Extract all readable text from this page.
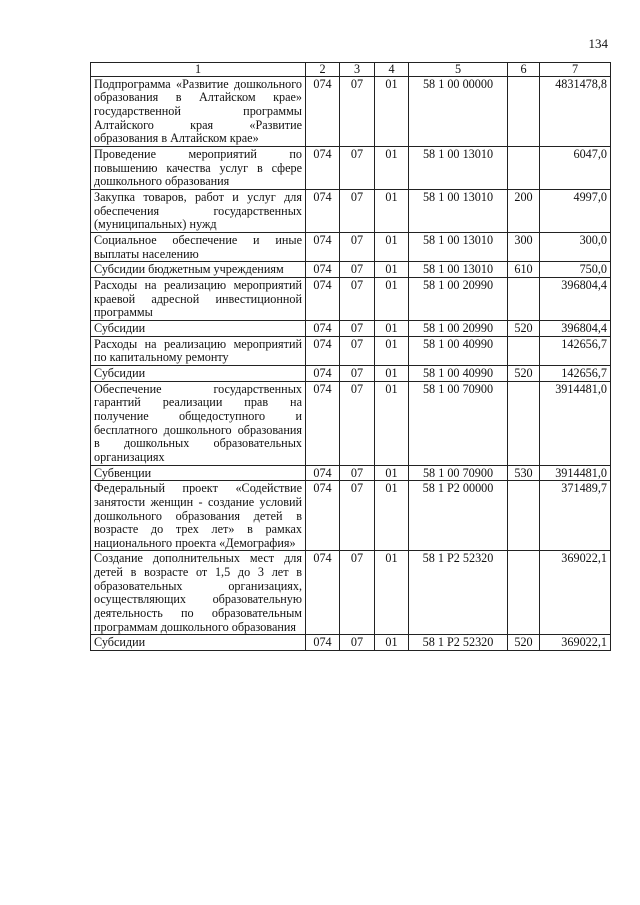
134
1	2	3	4	5	6	7
Подпрограмма «Развитие дошкольного образования в Алтайском крае» государственной программы Алтайского края «Развитие образования в Алтайском крае»	074	07	01	58 1 00 00000		4831478,8
Проведение мероприятий по повышению качества услуг в сфере дошкольного образования	074	07	01	58 1 00 13010		6047,0
Закупка товаров, работ и услуг для обеспечения государственных (муниципальных) нужд	074	07	01	58 1 00 13010	200	4997,0
Социальное обеспечение и иные выплаты населению	074	07	01	58 1 00 13010	300	300,0
Субсидии бюджетным учреждениям	074	07	01	58 1 00 13010	610	750,0
Расходы на реализацию мероприятий краевой адресной инвестиционной программы	074	07	01	58 1 00 20990		396804,4
Субсидии	074	07	01	58 1 00 20990	520	396804,4
Расходы на реализацию мероприятий по капитальному ремонту	074	07	01	58 1 00 40990		142656,7
Субсидии	074	07	01	58 1 00 40990	520	142656,7
Обеспечение государственных гарантий реализации прав на получение общедоступного и бесплатного дошкольного образования в дошкольных образовательных организациях	074	07	01	58 1 00 70900		3914481,0
Субвенции	074	07	01	58 1 00 70900	530	3914481,0
Федеральный проект «Содействие занятости женщин - создание условий дошкольного образования детей в возрасте до трех лет» в рамках национального проекта «Демография»	074	07	01	58 1 P2 00000		371489,7
Создание дополнительных мест для детей в возрасте от 1,5 до 3 лет в образовательных организациях, осуществляющих образовательную деятельность по образовательным программам дошкольного образования	074	07	01	58 1 P2 52320		369022,1
Субсидии	074	07	01	58 1 P2 52320	520	369022,1
